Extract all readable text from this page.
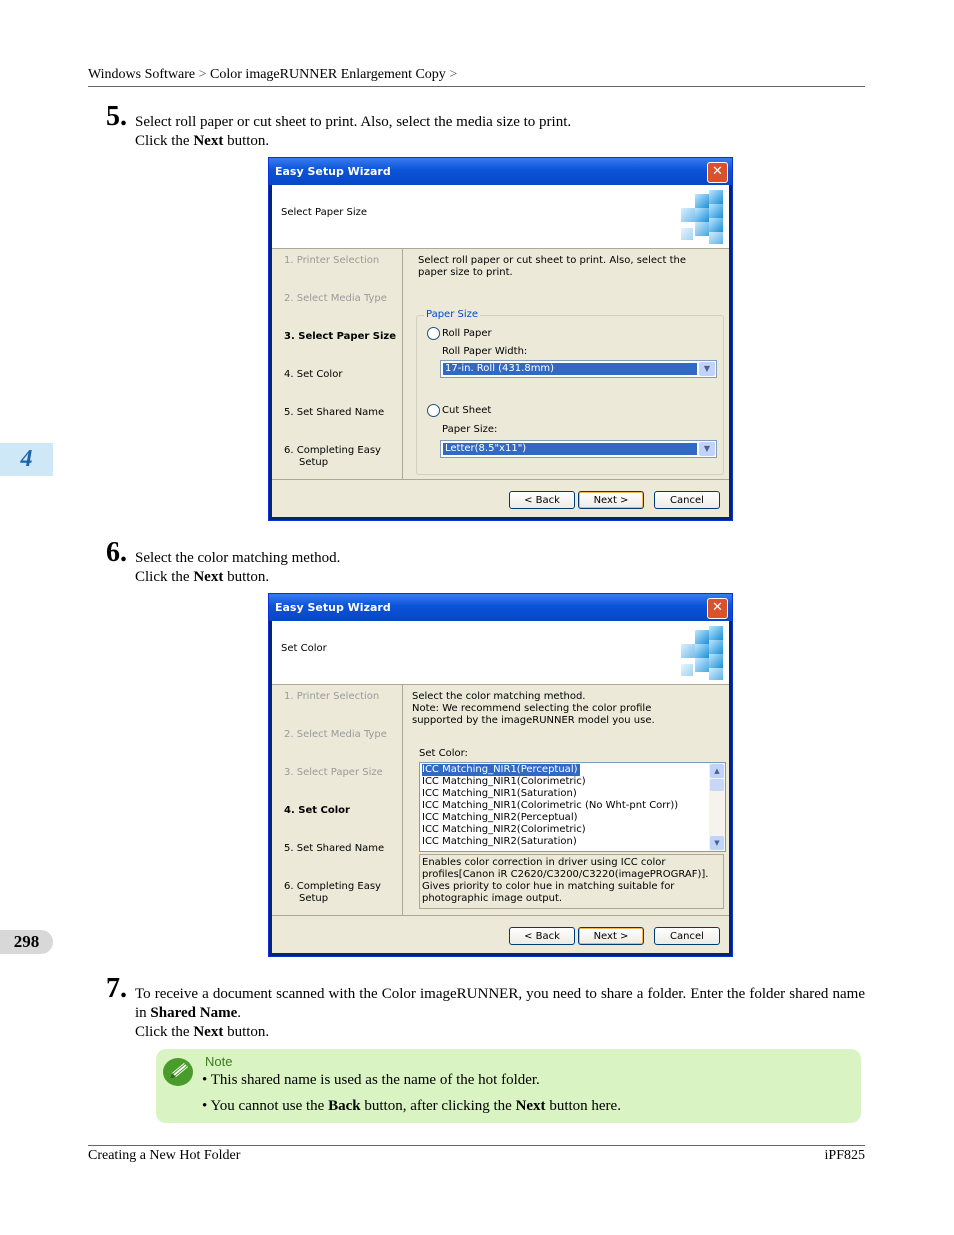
Windows Software > Color imageRUNNER Enlargement Copy >
4
298
5. Select roll paper or cut sheet to print. Also, select the media size to print.
Click the Next button.
Easy Setup Wizard	✕
Select Paper Size
1. Printer Selection
2. Select Media Type
3. Select Paper Size
4. Set Color
5. Set Shared Name
6. Completing Easy
Setup
Select roll paper or cut sheet to print. Also, select the paper size to print.
Paper Size
Roll Paper
Roll Paper Width:
17-in. Roll (431.8mm)	▼
Cut Sheet
Paper Size:
Letter(8.5"x11")	▼
< Back	Next >	Cancel
6. Select the color matching method.
Click the Next button.
Easy Setup Wizard	✕
Set Color
1. Printer Selection
2. Select Media Type
3. Select Paper Size
4. Set Color
5. Set Shared Name
6. Completing Easy
Setup
Select the color matching method.
Note: We recommend selecting the color profile
supported by the imageRUNNER model you use.
Set Color:
ICC Matching_NIR1(Perceptual)
ICC Matching_NIR1(Colorimetric)
ICC Matching_NIR1(Saturation)
ICC Matching_NIR1(Colorimetric (No Wht-pnt Corr))
ICC Matching_NIR2(Perceptual)
ICC Matching_NIR2(Colorimetric)
ICC Matching_NIR2(Saturation)
▲
▼
Enables color correction in driver using ICC color profiles[Canon iR C2620/C3200/C3220(imagePROGRAF)]. Gives priority to color hue in matching suitable for photographic image output.
< Back	Next >	Cancel
7. To receive a document scanned with the Color imageRUNNER, you need to share a folder. Enter the folder shared name in Shared Name.
Click the Next button.
Note
• This shared name is used as the name of the hot folder.
• You cannot use the Back button, after clicking the Next button here.
Creating a New Hot Folder	iPF825
